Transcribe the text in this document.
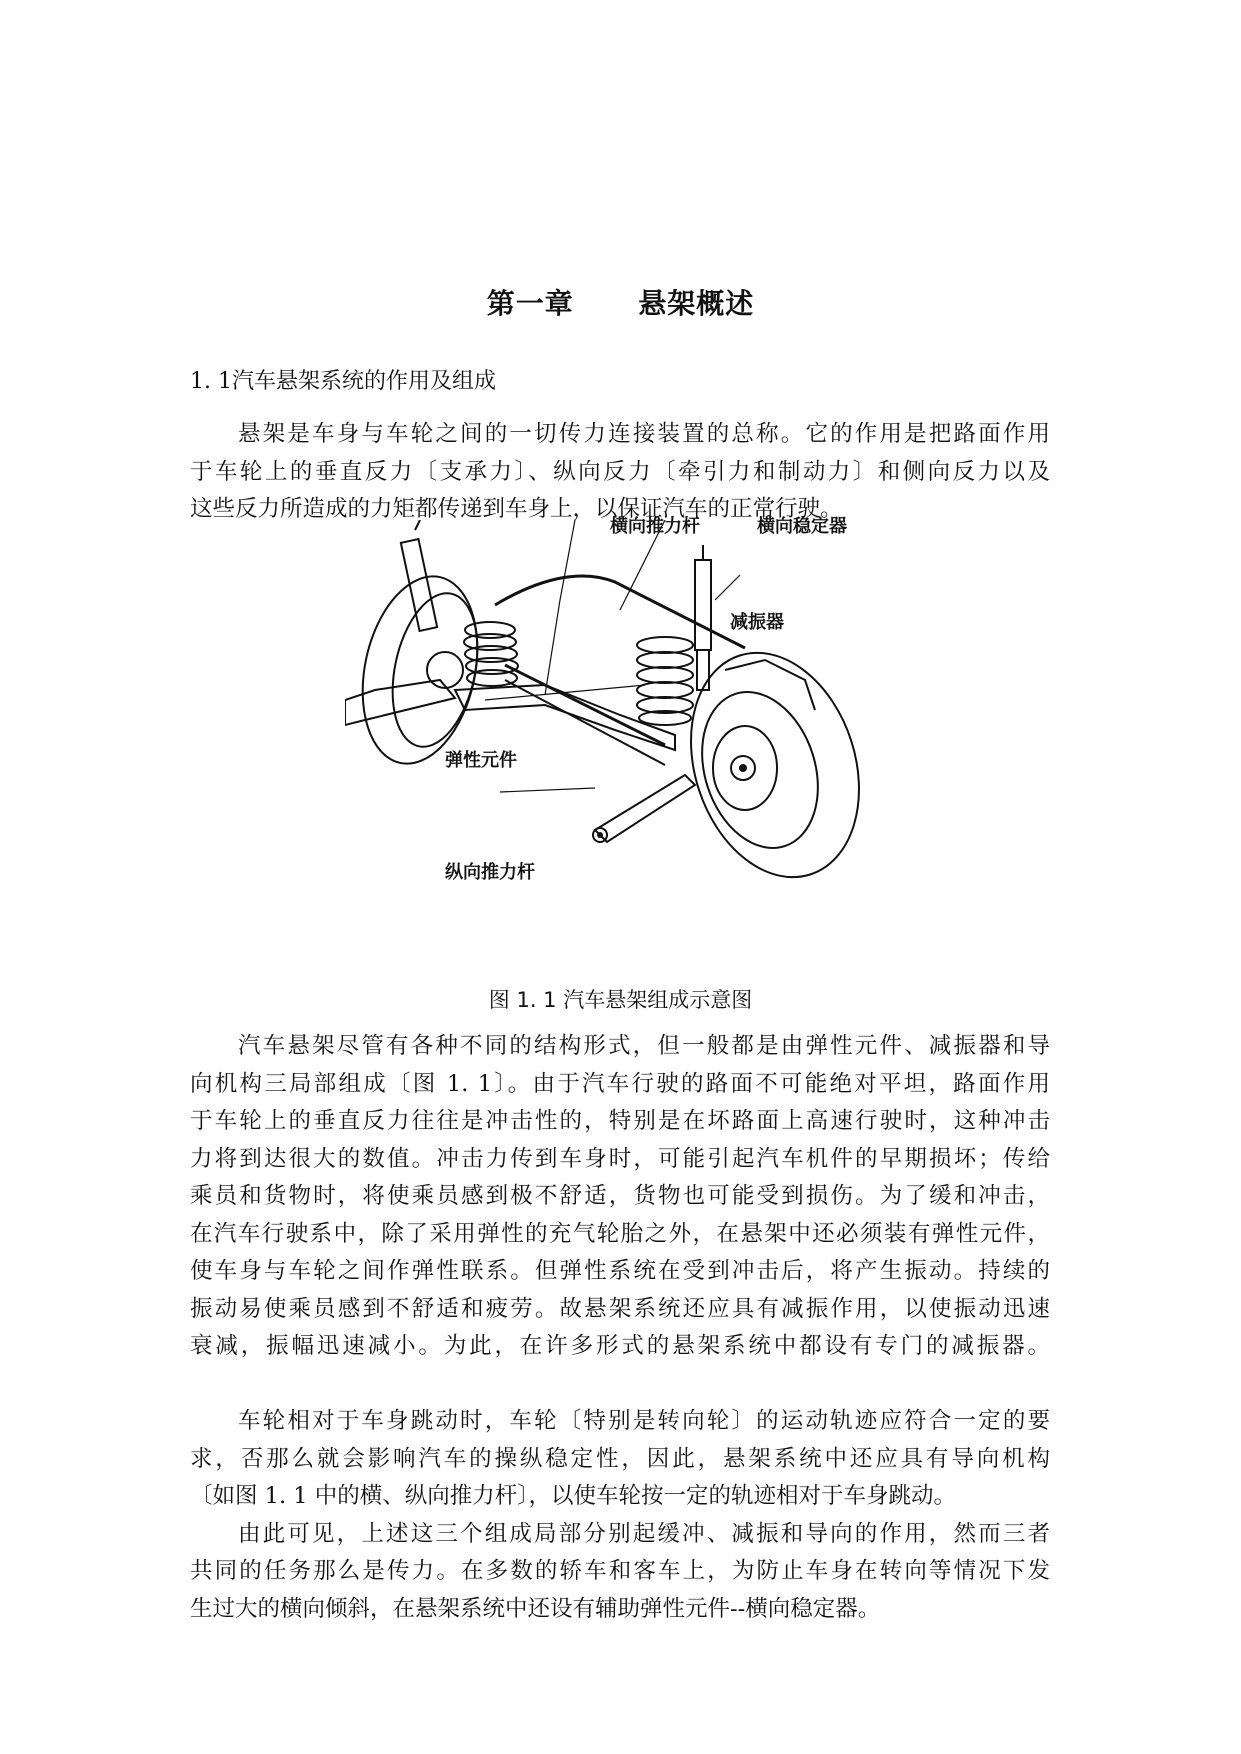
第一章      悬架概述
1. 1汽车悬架系统的作用及组成
悬架是车身与车轮之间的一切传力连接装置的总称。它的作用是把路面作用
于车轮上的垂直反力〔支承力〕、纵向反力〔牵引力和制动力〕和侧向反力以及
这些反力所造成的力矩都传递到车身上，以保证汽车的正常行驶。
横向推力杆	横向稳定器
减振器
弹性元件
纵向推力杆
图 1. 1 汽车悬架组成示意图
汽车悬架尽管有各种不同的结构形式，但一般都是由弹性元件、减振器和导
向机构三局部组成〔图 1. 1〕。由于汽车行驶的路面不可能绝对平坦，路面作用
于车轮上的垂直反力往往是冲击性的，特别是在坏路面上高速行驶时，这种冲击
力将到达很大的数值。冲击力传到车身时，可能引起汽车机件的早期损坏；传给
乘员和货物时，将使乘员感到极不舒适，货物也可能受到损伤。为了缓和冲击，
在汽车行驶系中，除了采用弹性的充气轮胎之外，在悬架中还必须装有弹性元件，
使车身与车轮之间作弹性联系。但弹性系统在受到冲击后，将产生振动。持续的
振动易使乘员感到不舒适和疲劳。故悬架系统还应具有减振作用，以使振动迅速
衰减，振幅迅速减小。为此，在许多形式的悬架系统中都设有专门的减振器。
车轮相对于车身跳动时，车轮〔特别是转向轮〕的运动轨迹应符合一定的要
求，否那么就会影响汽车的操纵稳定性，因此，悬架系统中还应具有导向机构
〔如图 1. 1 中的横、纵向推力杆〕，以使车轮按一定的轨迹相对于车身跳动。
由此可见，上述这三个组成局部分别起缓冲、减振和导向的作用，然而三者
共同的任务那么是传力。在多数的轿车和客车上，为防止车身在转向等情况下发
生过大的横向倾斜，在悬架系统中还设有辅助弹性元件--横向稳定器。
